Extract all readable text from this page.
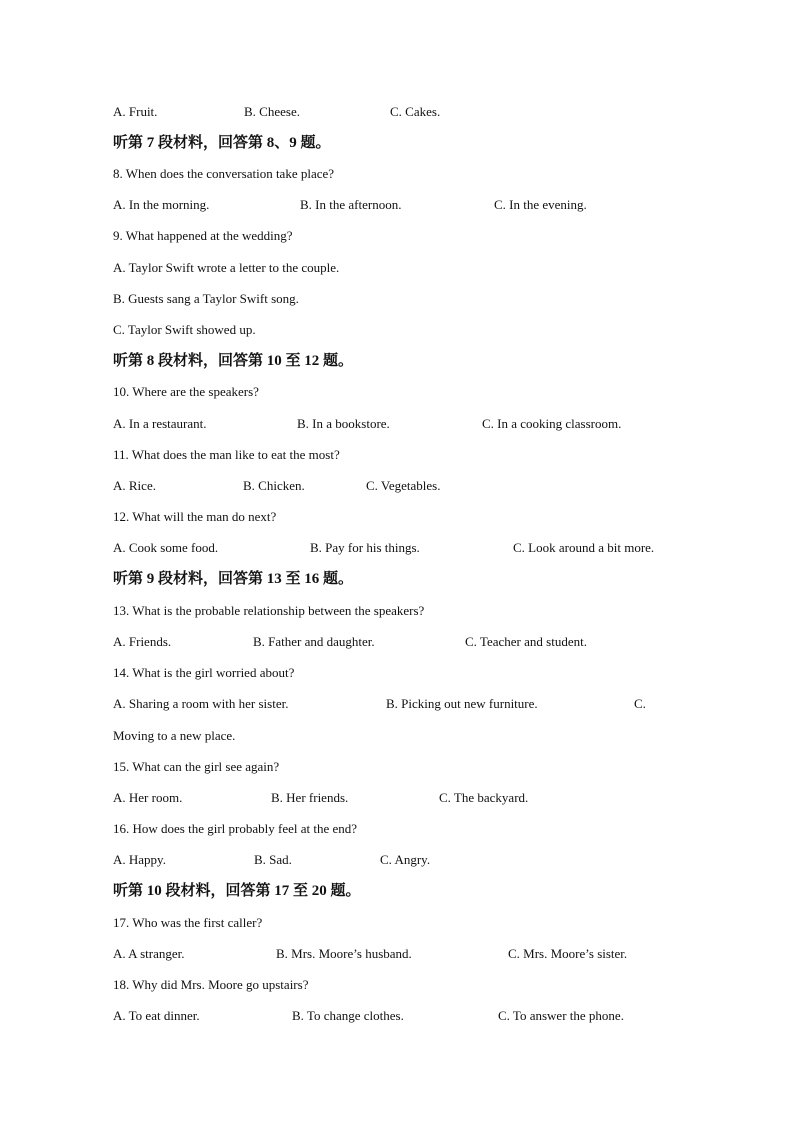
A. Fruit.	B. Cheese.	C. Cakes.
听第 7 段材料，回答第 8、9 题。
8. When does the conversation take place?
A. In the morning.	B. In the afternoon.	C. In the evening.
9. What happened at the wedding?
A. Taylor Swift wrote a letter to the couple.
B. Guests sang a Taylor Swift song.
C. Taylor Swift showed up.
听第 8 段材料，回答第 10 至 12 题。
10. Where are the speakers?
A. In a restaurant.	B. In a bookstore.	C. In a cooking classroom.
11. What does the man like to eat the most?
A. Rice.	B. Chicken.	C. Vegetables.
12. What will the man do next?
A. Cook some food.	B. Pay for his things.	C. Look around a bit more.
听第 9 段材料，回答第 13 至 16 题。
13. What is the probable relationship between the speakers?
A. Friends.	B. Father and daughter.	C. Teacher and student.
14. What is the girl worried about?
A. Sharing a room with her sister.	B. Picking out new furniture.	C.
Moving to a new place.
15. What can the girl see again?
A. Her room.	B. Her friends.	C. The backyard.
16. How does the girl probably feel at the end?
A. Happy.	B. Sad.	C. Angry.
听第 10 段材料，回答第 17 至 20 题。
17. Who was the first caller?
A. A stranger.	B. Mrs. Moore’s husband.	C. Mrs. Moore’s sister.
18. Why did Mrs. Moore go upstairs?
A. To eat dinner.	B. To change clothes.	C. To answer the phone.
